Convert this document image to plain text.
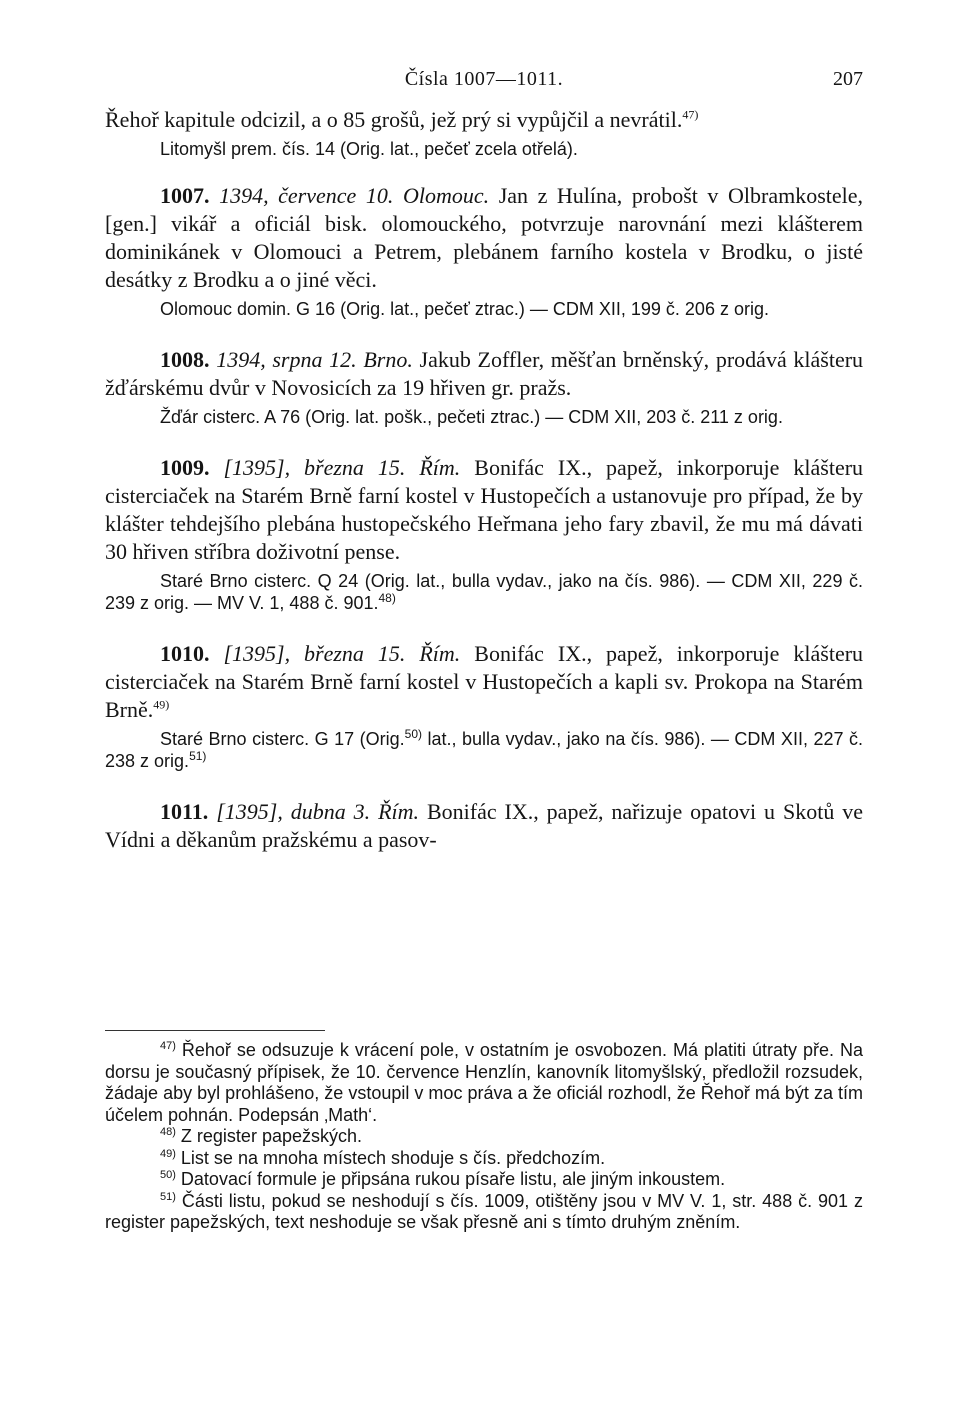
Čísla 1007—1011.	207

Řehoř kapitule odcizil, a o 85 grošů, jež prý si vypůjčil a nevrátil.$^{47)}$

Litomyšl prem. čís. 14 (Orig. lat., pečeť zcela otřelá).

1007. 1394, července 10. Olomouc. Jan z Hulína, probošt v Olbramkostele, [gen.] vikář a oficiál bisk. olomouckého, potvrzuje narovnání mezi klášterem dominikánek v Olomouci a Petrem, plebánem farního kostela v Brodku, o jisté desátky z Brodku a o jiné věci.

Olomouc domin. G 16 (Orig. lat., pečeť ztrac.) — CDM XII, 199 č. 206 z orig.

1008. 1394, srpna 12. Brno. Jakub Zoffler, měšťan brněnský, prodává klášteru žďárskému dvůr v Novosicích za 19 hřiven gr. pražs.

Žďár cisterc. A 76 (Orig. lat. pošk., pečeti ztrac.) — CDM XII, 203 č. 211 z orig.

1009. [1395], března 15. Řím. Bonifác IX., papež, inkorporuje klášteru cisterciaček na Starém Brně farní kostel v Hustopečích a ustanovuje pro případ, že by klášter tehdejšího plebána hustopečského Heřmana jeho fary zbavil, že mu má dávati 30 hřiven stříbra doživotní pense.

Staré Brno cisterc. Q 24 (Orig. lat., bulla vydav., jako na čís. 986). — CDM XII, 229 č. 239 z orig. — MV V. 1, 488 č. 901.$^{48)}$

1010. [1395], března 15. Řím. Bonifác IX., papež, inkorporuje klášteru cisterciaček na Starém Brně farní kostel v Hustopečích a kapli sv. Prokopa na Starém Brně.$^{49)}$

Staré Brno cisterc. G 17 (Orig.$^{50)}$ lat., bulla vydav., jako na čís. 986). — CDM XII, 227 č. 238 z orig.$^{51)}$

1011. [1395], dubna 3. Řím. Bonifác IX., papež, nařizuje opatovi u Skotů ve Vídni a děkanům pražskému a pasov-

$^{47)}$ Řehoř se odsuzuje k vrácení pole, v ostatním je osvobozen. Má platiti útraty pře. Na dorsu je současný přípisek, že 10. července Henzlín, kanovník litomyšlský, předložil rozsudek, žádaje aby byl prohlášeno, že vstoupil v moc práva a že oficiál rozhodl, že Řehoř má být za tím účelem pohnán. Podepsán ‚Math‘.

$^{48)}$ Z register papežských.

$^{49)}$ List se na mnoha místech shoduje s čís. předchozím.

$^{50)}$ Datovací formule je připsána rukou písaře listu, ale jiným inkoustem.

$^{51)}$ Části listu, pokud se neshodují s čís. 1009, otištěny jsou v MV V. 1, str. 488 č. 901 z register papežských, text neshoduje se však přesně ani s tímto druhým zněním.
